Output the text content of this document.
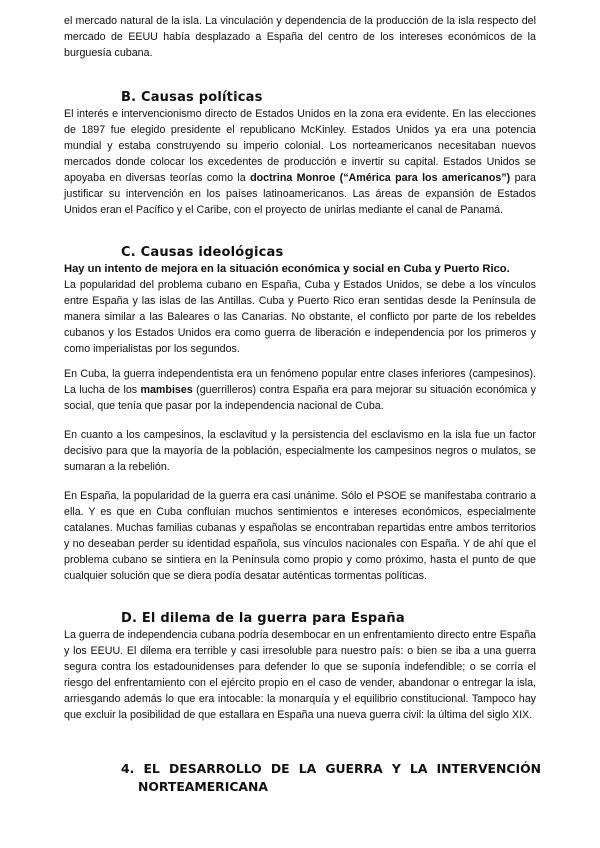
el mercado natural de la isla. La vinculación y dependencia de la producción de la isla respecto del mercado de EEUU había desplazado a España del centro de los intereses económicos de la burguesía cubana.

B. Causas políticas

El interés e intervencionismo directo de Estados Unidos en la zona era evidente. En las elecciones de 1897 fue elegido presidente el republicano McKinley. Estados Unidos ya era una potencia mundial y estaba construyendo su imperio colonial. Los norteamericanos necesitaban nuevos mercados donde colocar los excedentes de producción e invertir su capital. Estados Unidos se apoyaba en diversas teorías como la doctrina Monroe (“América para los americanos”) para justificar su intervención en los países latinoamericanos. Las áreas de expansión de Estados Unidos eran el Pacífico y el Caribe, con el proyecto de unirlas mediante el canal de Panamá.

C. Causas ideológicas

Hay un intento de mejora en la situación económica y social en Cuba y Puerto Rico.

La popularidad del problema cubano en España, Cuba y Estados Unidos, se debe a los vínculos entre España y las islas de las Antillas. Cuba y Puerto Rico eran sentidas desde la Península de manera similar a las Baleares o las Canarias. No obstante, el conflicto por parte de los rebeldes cubanos y los Estados Unidos era como guerra de liberación e independencia por los primeros y como imperialistas por los segundos.

En Cuba, la guerra independentista era un fenómeno popular entre clases inferiores (campesinos). La lucha de los mambises (guerrilleros) contra España era para mejorar su situación económica y social, que tenía que pasar por la independencia nacional de Cuba.

En cuanto a los campesinos, la esclavitud y la persistencia del esclavismo en la isla fue un factor decisivo para que la mayoría de la población, especialmente los campesinos negros o mulatos, se sumaran a la rebelión.

En España, la popularidad de la guerra era casi unánime. Sólo el PSOE se manifestaba contrario a ella. Y es que en Cuba confluían muchos sentimientos e intereses económicos, especialmente catalanes. Muchas familias cubanas y españolas se encontraban repartidas entre ambos territorios y no deseaban perder su identidad española, sus vínculos nacionales con España. Y de ahí que el problema cubano se sintiera en la Península como propio y como próximo, hasta el punto de que cualquier solución que se diera podía desatar auténticas tormentas políticas.

D. El dilema de la guerra para España

La guerra de independencia cubana podría desembocar en un enfrentamiento directo entre España y los EEUU. El dilema era terrible y casi irresoluble para nuestro país: o bien se iba a una guerra segura contra los estadounidenses para defender lo que se suponía indefendible; o se corría el riesgo del enfrentamiento con el ejército propio en el caso de vender, abandonar o entregar la isla, arriesgando además lo que era intocable: la monarquía y el equilibrio constitucional. Tampoco hay que excluir la posibilidad de que estallara en España una nueva guerra civil: la última del siglo XIX.

4. EL DESARROLLO DE LA GUERRA Y LA INTERVENCIÓN
NORTEAMERICANA
